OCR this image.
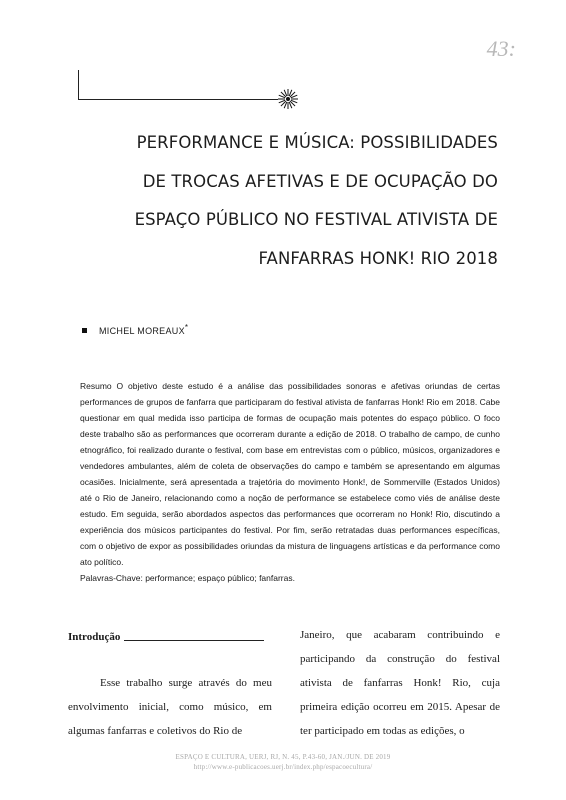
43:
PERFORMANCE E MÚSICA: POSSIBILIDADES
DE TROCAS AFETIVAS E DE OCUPAÇÃO DO
ESPAÇO PÚBLICO NO FESTIVAL ATIVISTA DE
FANFARRAS HONK! RIO 2018
MICHEL MOREAUX*

Resumo O objetivo deste estudo é a análise das possibilidades sonoras e afetivas oriundas de certas performances de grupos de fanfarra que participaram do festival ativista de fanfarras Honk! Rio em 2018. Cabe questionar em qual medida isso participa de formas de ocupação mais potentes do espaço público. O foco deste trabalho são as performances que ocorreram durante a edição de 2018. O trabalho de campo, de cunho etnográfico, foi realizado durante o festival, com base em entrevistas com o público, músicos, organizadores e vendedores ambulantes, além de coleta de observações do campo e também se apresentando em algumas ocasiões. Inicialmente, será apresentada a trajetória do movimento Honk!, de Sommerville (Estados Unidos) até o Rio de Janeiro, relacionando como a noção de performance se estabelece como viés de análise deste estudo. Em seguida, serão abordados aspectos das performances que ocorreram no Honk! Rio, discutindo a experiência dos músicos participantes do festival. Por fim, serão retratadas duas performances específicas, com o objetivo de expor as possibilidades oriundas da mistura de linguagens artísticas e da performance como ato político.

Palavras-Chave: performance; espaço público; fanfarras.

Introdução

Esse trabalho surge através do meu envolvimento inicial, como músico, em algumas fanfarras e coletivos do Rio de

Janeiro, que acabaram contribuindo e participando da construção do festival ativista de fanfarras Honk! Rio, cuja primeira edição ocorreu em 2015. Apesar de ter participado em todas as edições, o

ESPAÇO E CULTURA, UERJ, RJ, N. 45, P.43-60, JAN./JUN. DE 2019
http://www.e-publicacoes.uerj.br/index.php/espacoecultura/
